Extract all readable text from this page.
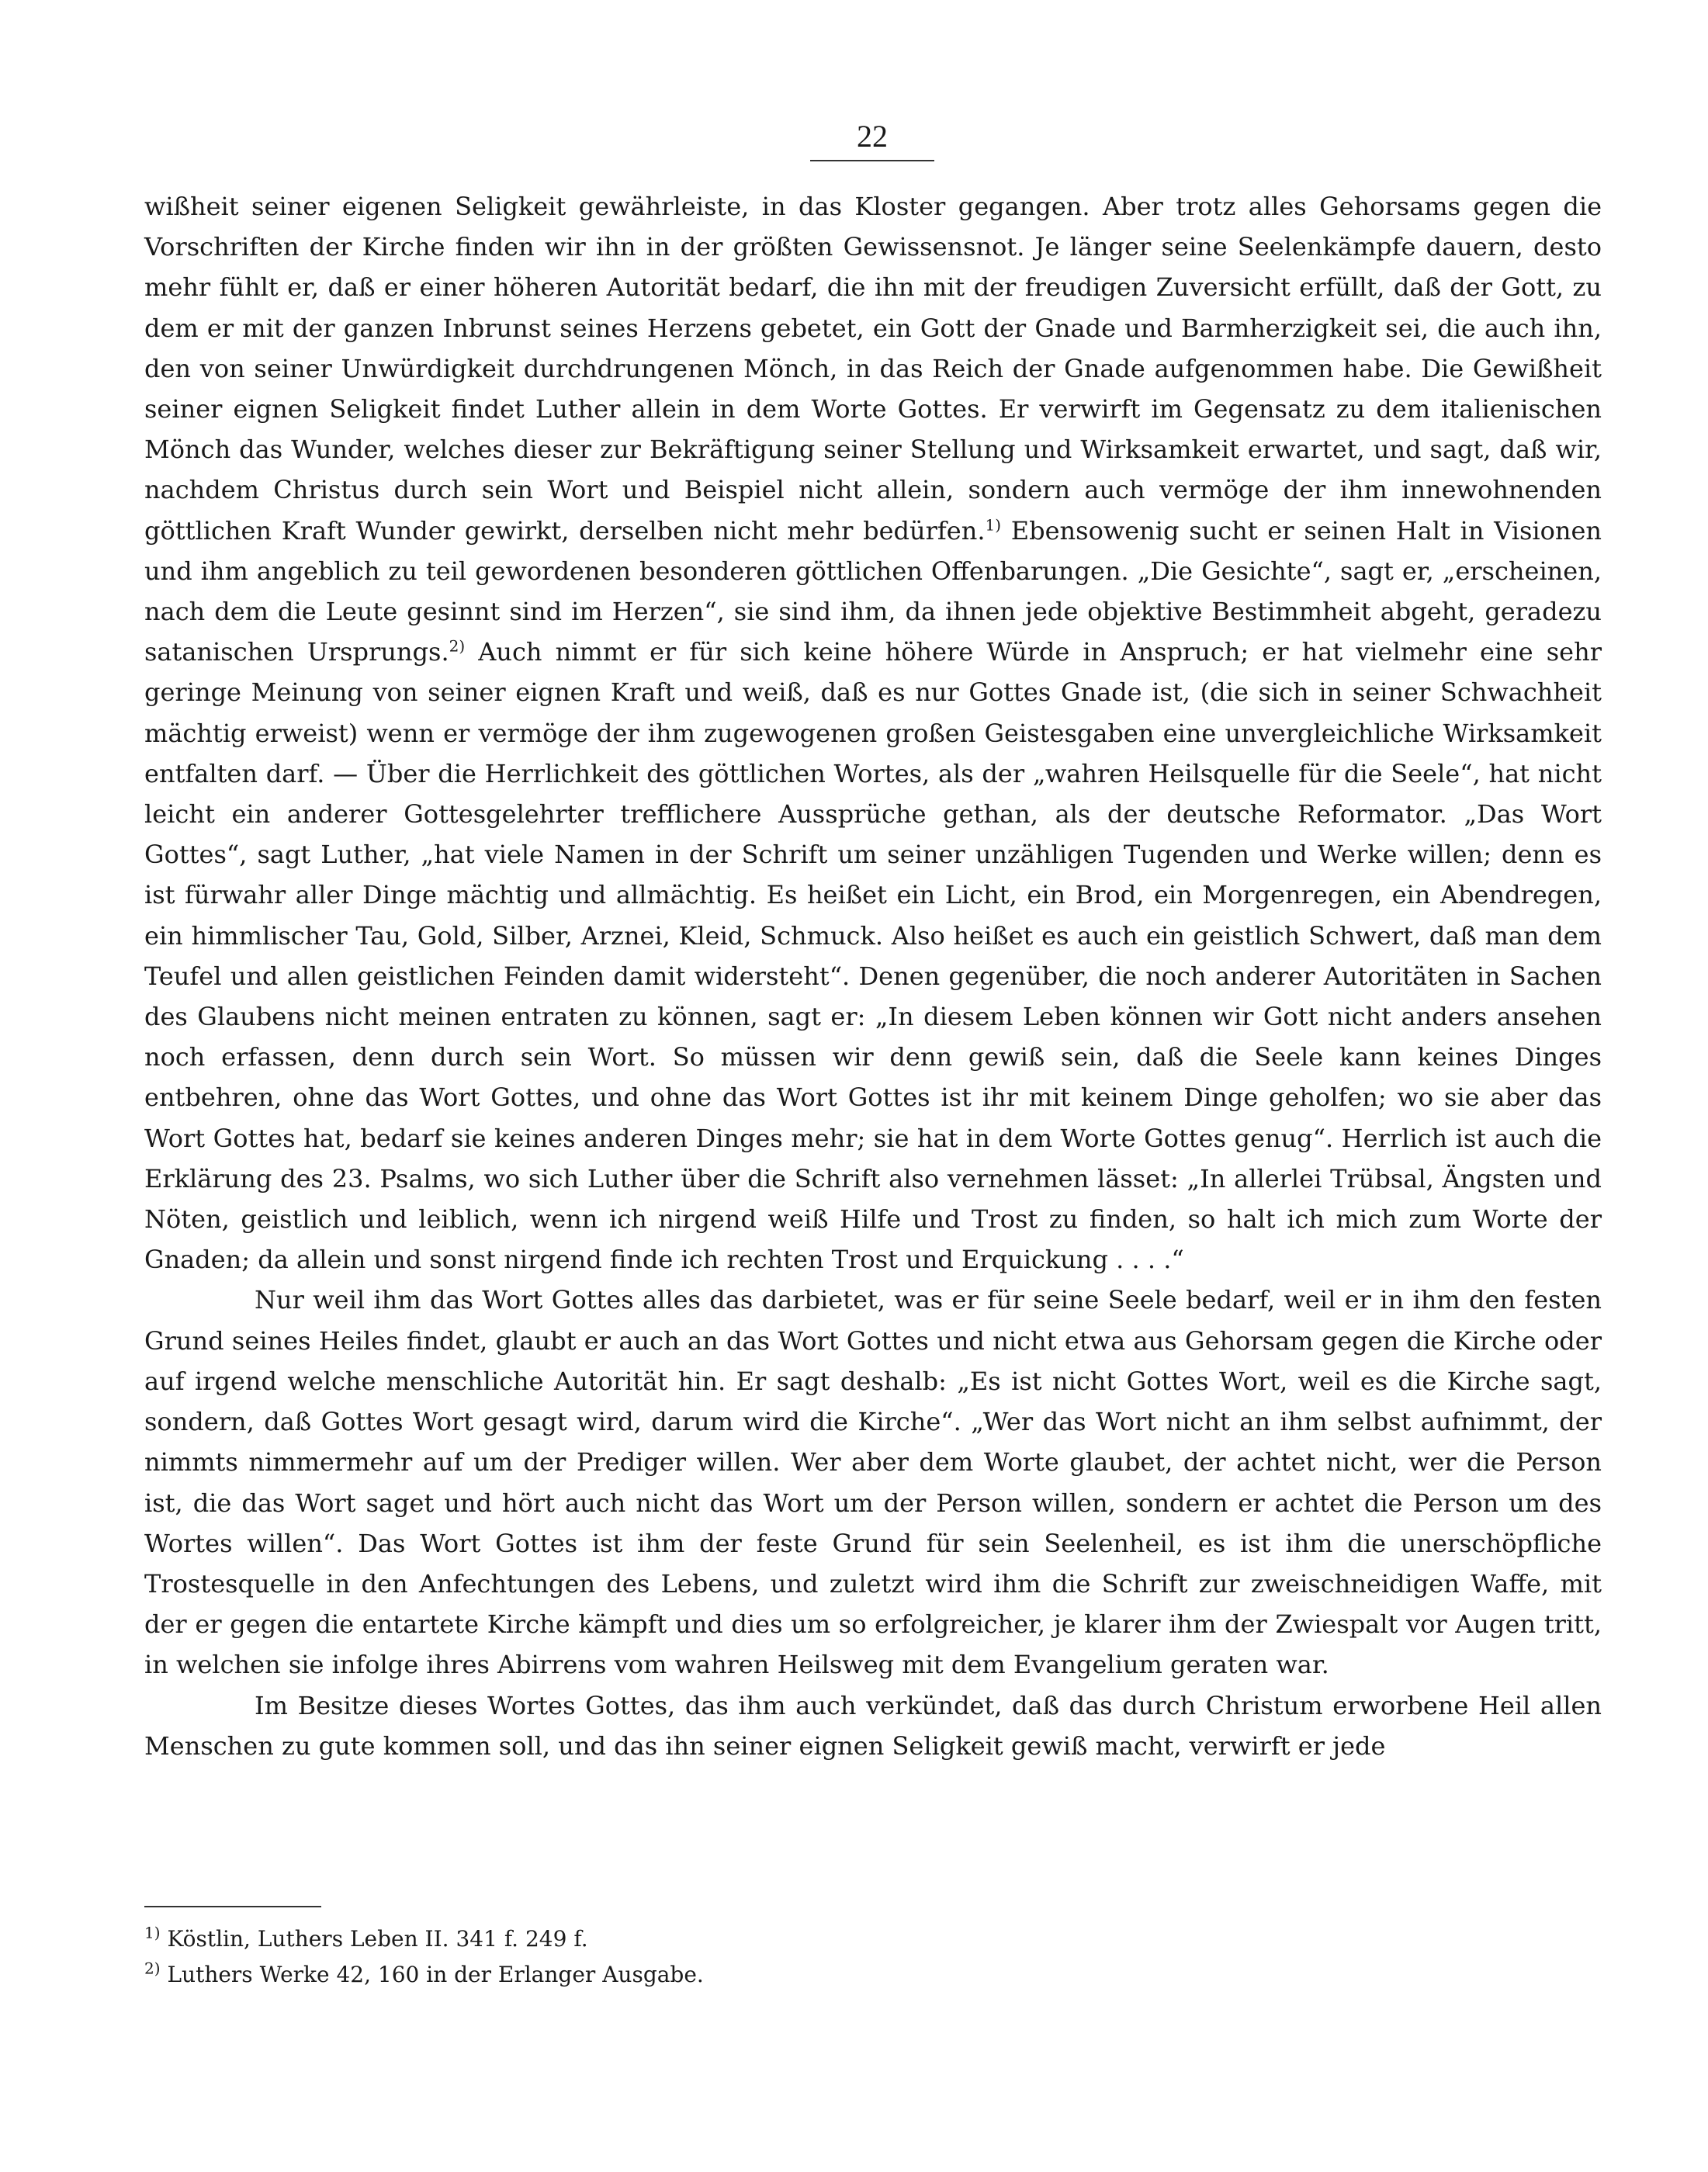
22

wißheit seiner eigenen Seligkeit gewährleiste, in das Kloster gegangen. Aber trotz alles Gehorsams gegen die Vorschriften der Kirche finden wir ihn in der größten Gewissensnot. Je länger seine Seelenkämpfe dauern, desto mehr fühlt er, daß er einer höheren Autorität bedarf, die ihn mit der freudigen Zuversicht erfüllt, daß der Gott, zu dem er mit der ganzen Inbrunst seines Herzens gebetet, ein Gott der Gnade und Barmherzigkeit sei, die auch ihn, den von seiner Unwürdigkeit durchdrungenen Mönch, in das Reich der Gnade aufgenommen habe. Die Gewißheit seiner eignen Seligkeit findet Luther allein in dem Worte Gottes. Er verwirft im Gegensatz zu dem italienischen Mönch das Wunder, welches dieser zur Bekräftigung seiner Stellung und Wirksamkeit erwartet, und sagt, daß wir, nachdem Christus durch sein Wort und Beispiel nicht allein, sondern auch vermöge der ihm innewohnenden göttlichen Kraft Wunder gewirkt, derselben nicht mehr bedürfen.$^{1)}$ Ebensowenig sucht er seinen Halt in Visionen und ihm angeblich zu teil gewordenen besonderen göttlichen Offenbarungen. „Die Gesichte“, sagt er, „erscheinen, nach dem die Leute gesinnt sind im Herzen“, sie sind ihm, da ihnen jede objektive Bestimmheit abgeht, geradezu satanischen Ursprungs.$^{2)}$ Auch nimmt er für sich keine höhere Würde in Anspruch; er hat vielmehr eine sehr geringe Meinung von seiner eignen Kraft und weiß, daß es nur Gottes Gnade ist, (die sich in seiner Schwachheit mächtig erweist) wenn er vermöge der ihm zugewogenen großen Geistesgaben eine unvergleichliche Wirksamkeit entfalten darf. — Über die Herrlichkeit des göttlichen Wortes, als der „wahren Heilsquelle für die Seele“, hat nicht leicht ein anderer Gottesgelehrter trefflichere Aussprüche gethan, als der deutsche Reformator. „Das Wort Gottes“, sagt Luther, „hat viele Namen in der Schrift um seiner unzähligen Tugenden und Werke willen; denn es ist fürwahr aller Dinge mächtig und allmächtig. Es heißet ein Licht, ein Brod, ein Morgenregen, ein Abendregen, ein himmlischer Tau, Gold, Silber, Arznei, Kleid, Schmuck. Also heißet es auch ein geistlich Schwert, daß man dem Teufel und allen geistlichen Feinden damit widersteht“. Denen gegenüber, die noch anderer Autoritäten in Sachen des Glaubens nicht meinen entraten zu können, sagt er: „In diesem Leben können wir Gott nicht anders ansehen noch erfassen, denn durch sein Wort. So müssen wir denn gewiß sein, daß die Seele kann keines Dinges entbehren, ohne das Wort Gottes, und ohne das Wort Gottes ist ihr mit keinem Dinge geholfen; wo sie aber das Wort Gottes hat, bedarf sie keines anderen Dinges mehr; sie hat in dem Worte Gottes genug“. Herrlich ist auch die Erklärung des 23. Psalms, wo sich Luther über die Schrift also vernehmen lässet: „In allerlei Trübsal, Ängsten und Nöten, geistlich und leiblich, wenn ich nirgend weiß Hilfe und Trost zu finden, so halt ich mich zum Worte der Gnaden; da allein und sonst nirgend finde ich rechten Trost und Erquickung . . . .“

Nur weil ihm das Wort Gottes alles das darbietet, was er für seine Seele bedarf, weil er in ihm den festen Grund seines Heiles findet, glaubt er auch an das Wort Gottes und nicht etwa aus Gehorsam gegen die Kirche oder auf irgend welche menschliche Autorität hin. Er sagt deshalb: „Es ist nicht Gottes Wort, weil es die Kirche sagt, sondern, daß Gottes Wort gesagt wird, darum wird die Kirche“. „Wer das Wort nicht an ihm selbst aufnimmt, der nimmts nimmermehr auf um der Prediger willen. Wer aber dem Worte glaubet, der achtet nicht, wer die Person ist, die das Wort saget und hört auch nicht das Wort um der Person willen, sondern er achtet die Person um des Wortes willen“. Das Wort Gottes ist ihm der feste Grund für sein Seelenheil, es ist ihm die unerschöpfliche Trostesquelle in den Anfechtungen des Lebens, und zuletzt wird ihm die Schrift zur zweischneidigen Waffe, mit der er gegen die entartete Kirche kämpft und dies um so erfolgreicher, je klarer ihm der Zwiespalt vor Augen tritt, in welchen sie infolge ihres Abirrens vom wahren Heilsweg mit dem Evangelium geraten war.

Im Besitze dieses Wortes Gottes, das ihm auch verkündet, daß das durch Christum erworbene Heil allen Menschen zu gute kommen soll, und das ihn seiner eignen Seligkeit gewiß macht, verwirft er jede

$^{1)}$ Köstlin, Luthers Leben II. 341 f. 249 f.
$^{2)}$ Luthers Werke 42, 160 in der Erlanger Ausgabe.
